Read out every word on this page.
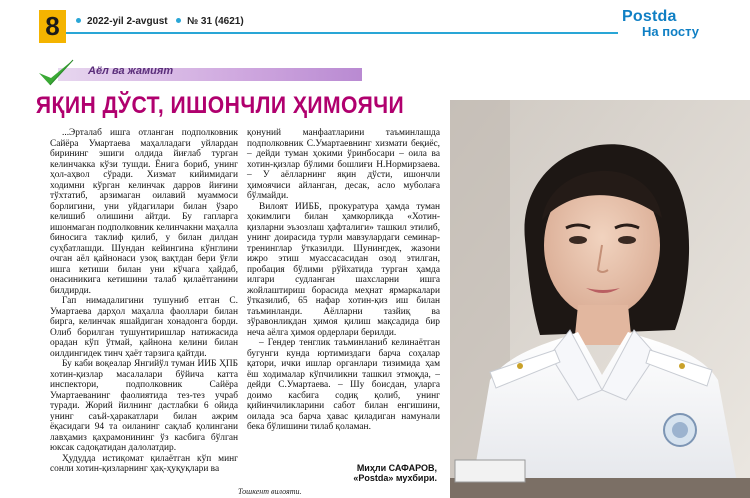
8	2022-yil 2-avgust № 31 (4621)	Postda
На посту
Аёл ва жамият
ЯҚИН ДЎСТ, ИШОНЧЛИ ҲИМОЯЧИ

...Эрталаб ишга отланган подполковник Сайёра Умартаева маҳалладаги уйлардан бирининг эшиги олдида йиғлаб турган келинчакка кўзи тушди. Ёнига бориб, унинг ҳол-аҳвол сўради. Хизмат кийимидаги ходимни кўрган келинчак дарров йиғини тўхтатиб, арзимаган оилавий муаммоси борлигини, уни уйдагилари билан ўзаро келишиб олишини айтди. Бу гапларга ишонмаган подполковник келинчакни маҳалла биносига таклиф қилиб, у билан дилдан суҳбатлашди. Шундан кейингина кўнглини очган аёл қайнонаси узоқ вақтдан бери ўғли ишга кетиши билан уни кўчага ҳайдаб, онасиникига кетишини талаб қилаётганини билдирди.

Гап нимадалигини тушуниб етган С. Умартаева дарҳол маҳалла фаоллари билан бирга, келинчак яшайдиган хонадонга борди. Олиб борилган тушунтиришлар натижасида орадан кўп ўтмай, қайнона келини билан оилдингидек тинч ҳаёт тарзига қайтди.

Бу каби воқеалар Янгийўл туман ИИБ ҲПБ хотин-қизлар масалалари бўйича катта инспектори, подполковник Сайёра Умартаеванинг фаолиятида тез-тез учраб туради. Жорий йилнинг дастлабки 6 ойида унинг саъй-ҳаракатлари билан ажрим ёқасидаги 94 та оиланинг сақлаб қолингани лавҳамиз қаҳрамонининг ўз касбига бўлган юксак садоқатидан далолатдир.

Ҳудудда истиқомат қилаётган кўп минг сонли хотин-қизларнинг ҳақ-ҳуқуқлари ва

қонуний манфаатларини таъминлашда подполковник С.Умартаевнинг хизмати беқиёс, – дейди туман ҳокими ўринбосари – оила ва хотин-қизлар бўлими бошлиғи Н.Нормирзаева. – У аёлларнинг яқин дўсти, ишончли ҳимоячиси айланган, десак, асло муболаға бўлмайди.

Вилоят ИИББ, прокуратура ҳамда туман ҳокимлиги билан ҳамкорликда «Хотин-қизларни эъзозлаш ҳафталиги» ташкил этилиб, унинг доирасида турли мавзулардаги семинар-тренинглар ўтказилди. Шунингдек, жазони ижро этиш муассасасидан озод этилган, пробация бўлими рўйхатида турган ҳамда илгари судланган шахсларни ишга жойлаштириш борасида меҳнат ярмаркалари ўтказилиб, 65 нафар хотин-қиз иш билан таъминланди. Аёлларни тазйиқ ва зўравонликдан ҳимоя қилиш мақсадида бир неча аёлга ҳимоя ордерлари берилди.

– Гендер тенглик таъминланиб келинаётган бугунги кунда юртимиздаги барча соҳалар қатори, ички ишлар органлари тизимида ҳам ёш ходималар кўпчиликни ташкил этмоқда, – дейди С.Умартаева. – Шу боисдан, уларга доимо касбига содиқ қолиб, унинг қийинчиликларини сабот билан енгишини, оилада эса барча ҳавас қиладиган намунали бека бўлишини тилаб қоламан.

Миҳли САФАРОВ,
«Postda» мухбири.
Тошкент вилояти.
